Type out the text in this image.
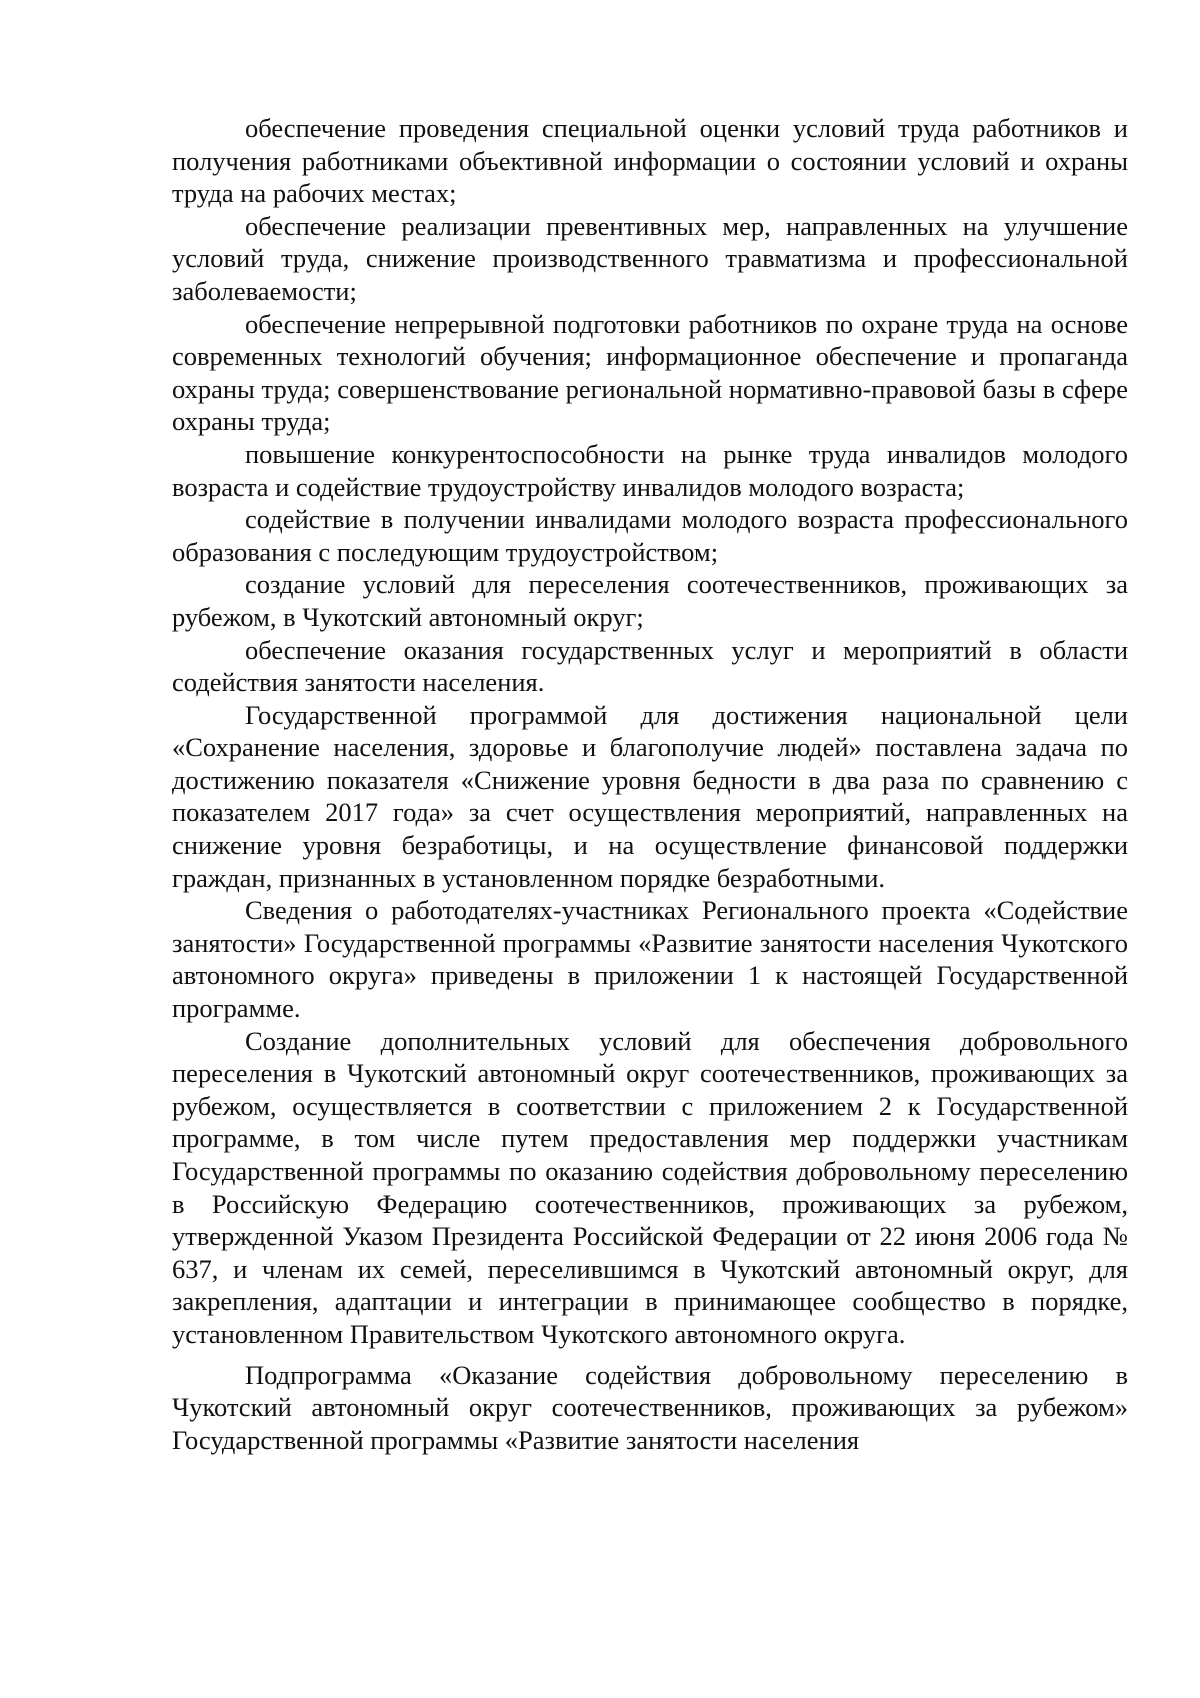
обеспечение проведения специальной оценки условий труда работников и получения работниками объективной информации о состоянии условий и охраны труда на рабочих местах;

обеспечение реализации превентивных мер, направленных на улучшение условий труда, снижение производственного травматизма и профессиональной заболеваемости;

обеспечение непрерывной подготовки работников по охране труда на основе современных технологий обучения; информационное обеспечение и пропаганда охраны труда; совершенствование региональной нормативно-правовой базы в сфере охраны труда;

повышение конкурентоспособности на рынке труда инвалидов молодого возраста и содействие трудоустройству инвалидов молодого возраста;

содействие в получении инвалидами молодого возраста профессионального образования с последующим трудоустройством;

создание условий для переселения соотечественников, проживающих за рубежом, в Чукотский автономный округ;

обеспечение оказания государственных услуг и мероприятий в области содействия занятости населения.

Государственной программой для достижения национальной цели «Сохранение населения, здоровье и благополучие людей» поставлена задача по достижению показателя «Снижение уровня бедности в два раза по сравнению с показателем 2017 года» за счет осуществления мероприятий, направленных на снижение уровня безработицы, и на осуществление финансовой поддержки граждан, признанных в установленном порядке безработными.

Сведения о работодателях-участниках Регионального проекта «Содействие занятости» Государственной программы «Развитие занятости населения Чукотского автономного округа» приведены в приложении 1 к настоящей Государственной программе.

Создание дополнительных условий для обеспечения добровольного переселения в Чукотский автономный округ соотечественников, проживающих за рубежом, осуществляется в соответствии с приложением 2 к Государственной программе, в том числе путем предоставления мер поддержки участникам Государственной программы по оказанию содействия добровольному переселению в Российскую Федерацию соотечественников, проживающих за рубежом, утвержденной Указом Президента Российской Федерации от 22 июня 2006 года № 637, и членам их семей, переселившимся в Чукотский автономный округ, для закрепления, адаптации и интеграции в принимающее сообщество в порядке, установленном Правительством Чукотского автономного округа.

Подпрограмма «Оказание содействия добровольному переселению в Чукотский автономный округ соотечественников, проживающих за рубежом» Государственной программы «Развитие занятости населения
